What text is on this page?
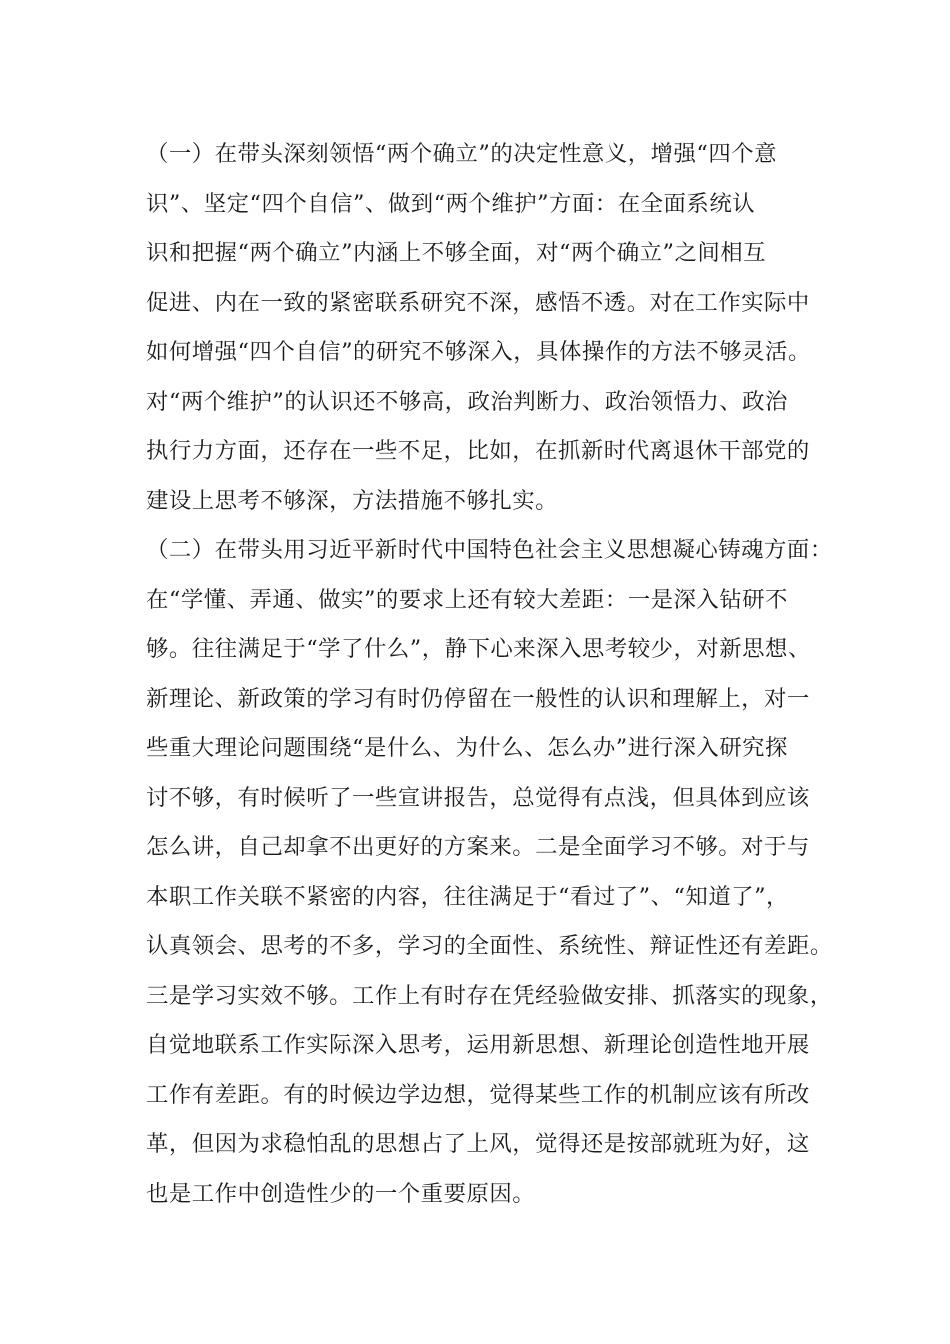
（一）在带头深刻领悟“两个确立”的决定性意义，增强“四个意
识”、坚定“四个自信”、做到“两个维护”方面：在全面系统认
识和把握“两个确立”内涵上不够全面，对“两个确立”之间相互
促进、内在一致的紧密联系研究不深，感悟不透。对在工作实际中
如何增强“四个自信”的研究不够深入，具体操作的方法不够灵活。
对“两个维护”的认识还不够高，政治判断力、政治领悟力、政治
执行力方面，还存在一些不足，比如，在抓新时代离退休干部党的
建设上思考不够深，方法措施不够扎实。
（二）在带头用习近平新时代中国特色社会主义思想凝心铸魂方面：
在“学懂、弄通、做实”的要求上还有较大差距：一是深入钻研不
够。往往满足于“学了什么”，静下心来深入思考较少，对新思想、
新理论、新政策的学习有时仍停留在一般性的认识和理解上，对一
些重大理论问题围绕“是什么、为什么、怎么办”进行深入研究探
讨不够，有时候听了一些宣讲报告，总觉得有点浅，但具体到应该
怎么讲，自己却拿不出更好的方案来。二是全面学习不够。对于与
本职工作关联不紧密的内容，往往满足于“看过了”、“知道了”，
认真领会、思考的不多，学习的全面性、系统性、辩证性还有差距。
三是学习实效不够。工作上有时存在凭经验做安排、抓落实的现象，
自觉地联系工作实际深入思考，运用新思想、新理论创造性地开展
工作有差距。有的时候边学边想，觉得某些工作的机制应该有所改
革，但因为求稳怕乱的思想占了上风，觉得还是按部就班为好，这
也是工作中创造性少的一个重要原因。
